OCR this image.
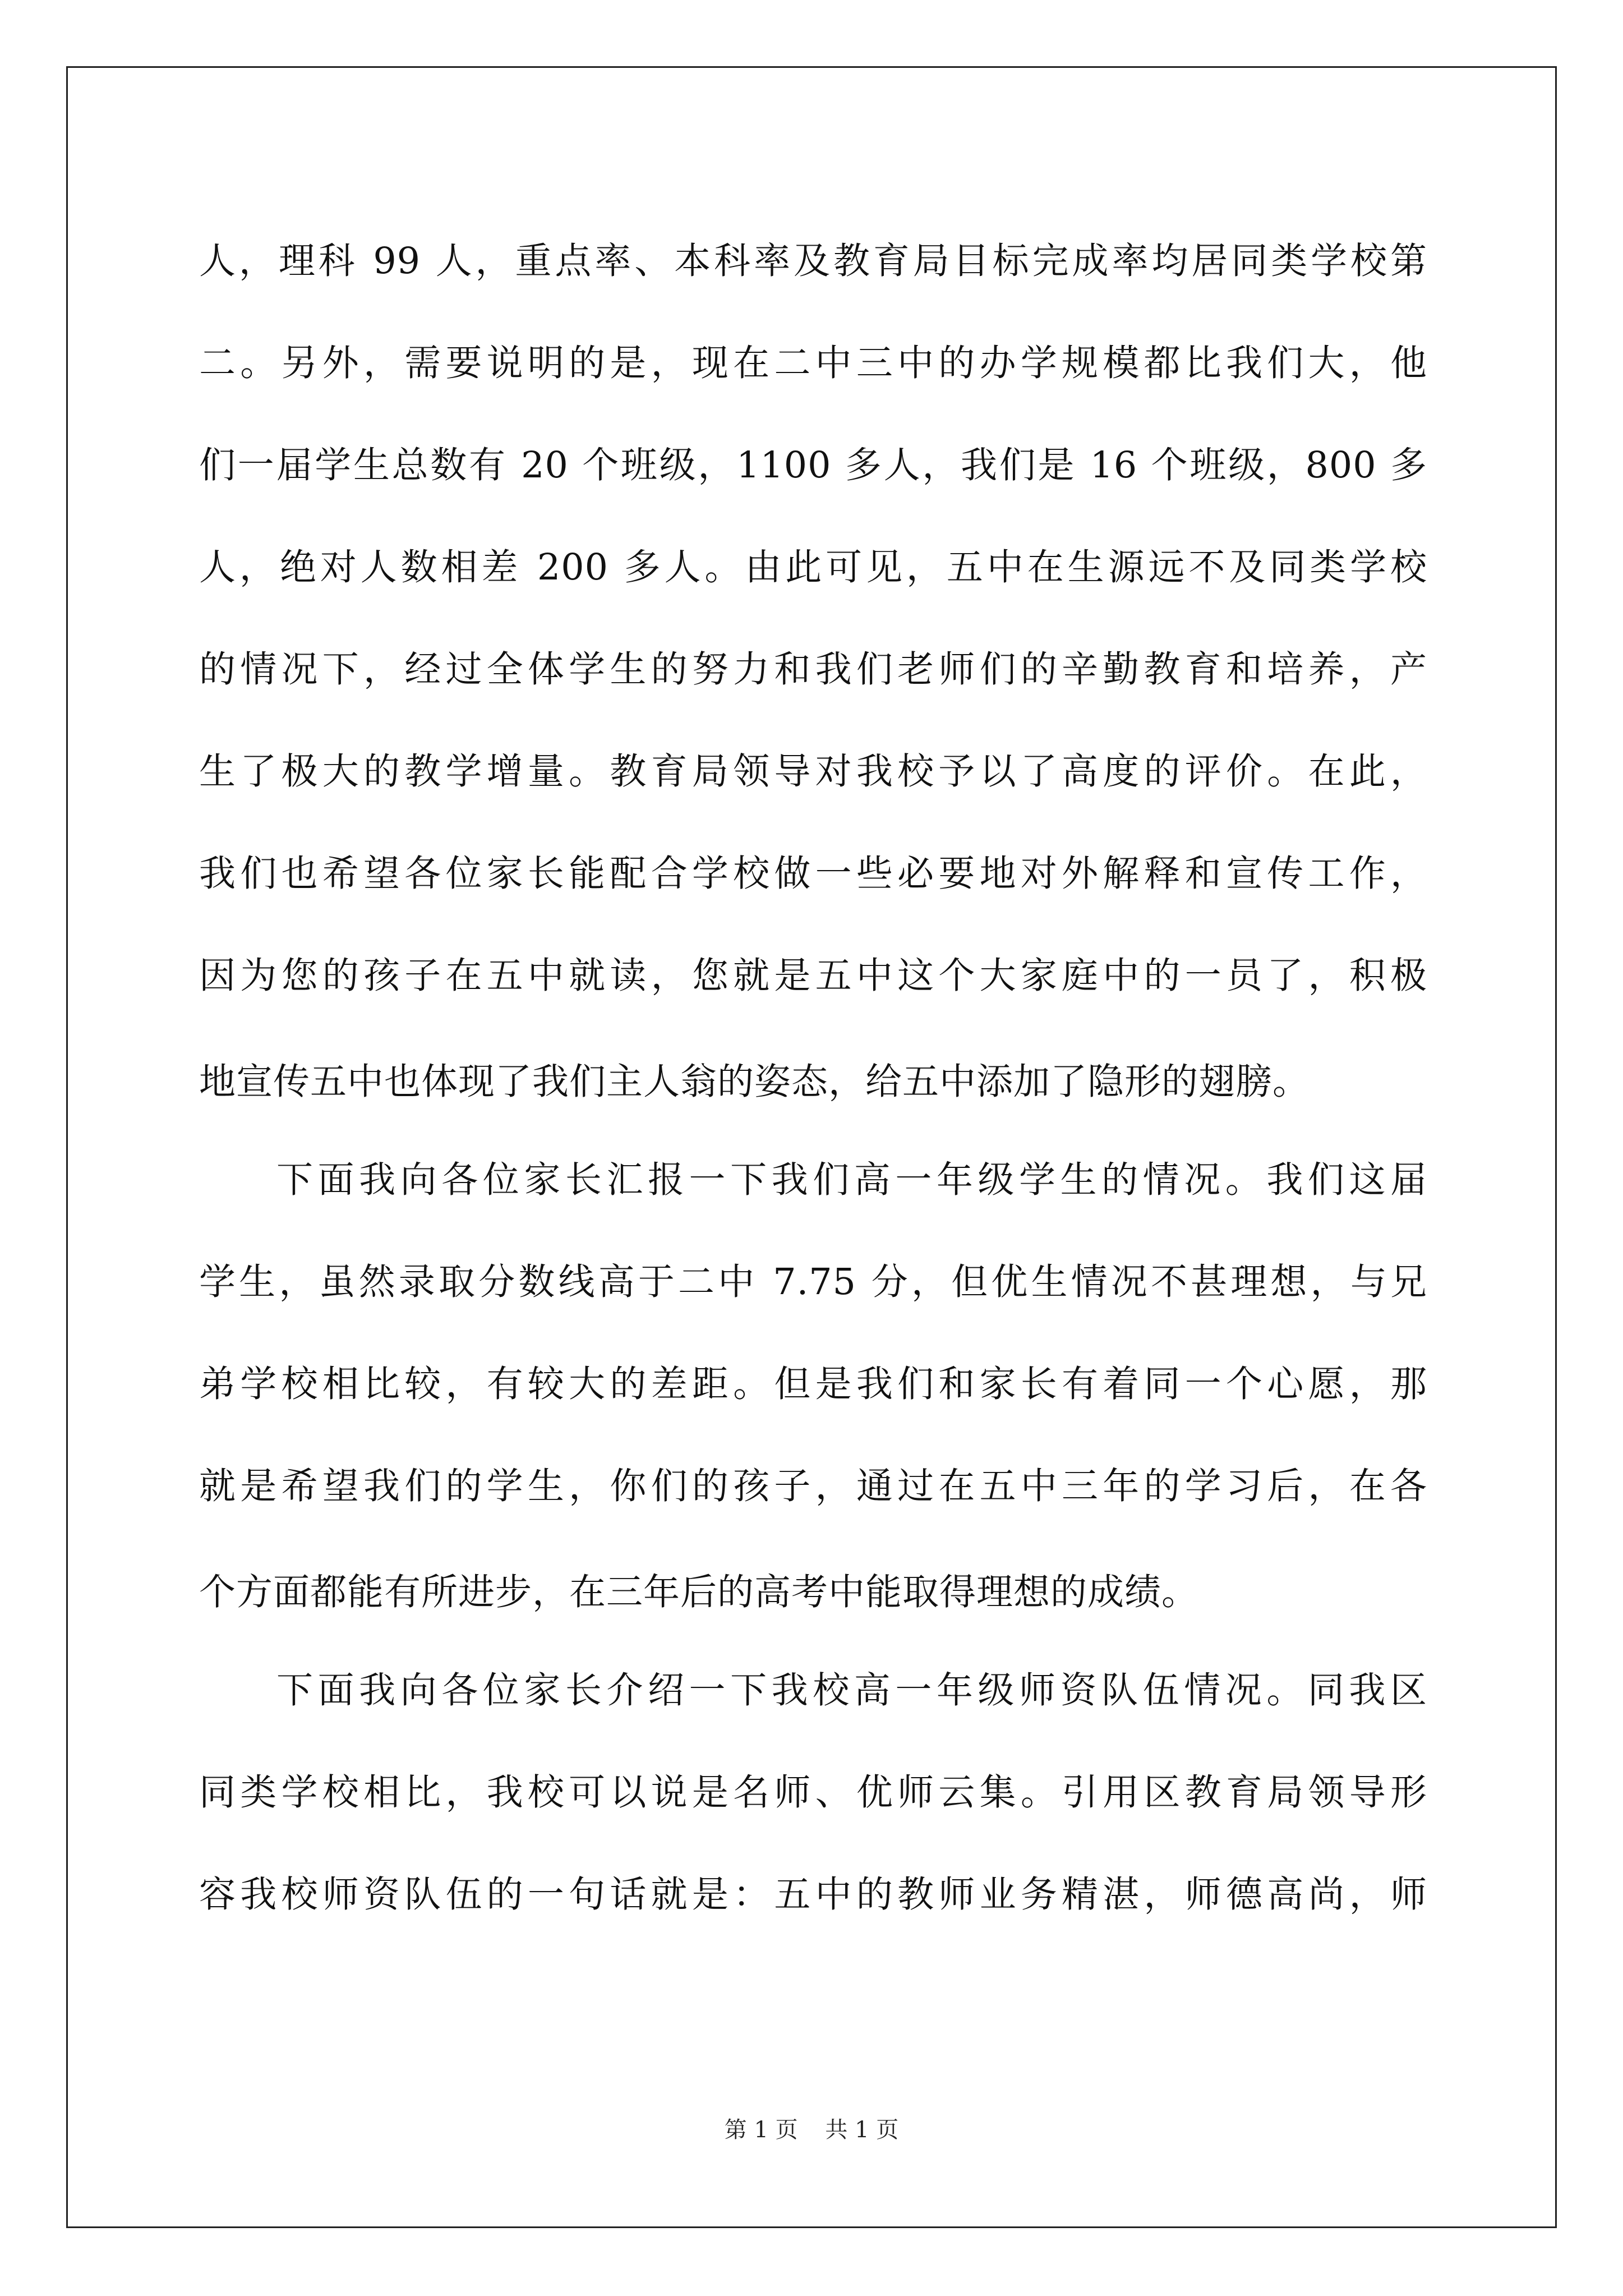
人，理科 99 人，重点率、本科率及教育局目标完成率均居同类学校第
二。另外，需要说明的是，现在二中三中的办学规模都比我们大，他
们一届学生总数有 20 个班级，1100 多人，我们是 16 个班级，800 多
人，绝对人数相差 200 多人。由此可见，五中在生源远不及同类学校
的情况下，经过全体学生的努力和我们老师们的辛勤教育和培养，产
生了极大的教学增量。教育局领导对我校予以了高度的评价。在此，
我们也希望各位家长能配合学校做一些必要地对外解释和宣传工作，
因为您的孩子在五中就读，您就是五中这个大家庭中的一员了，积极
地宣传五中也体现了我们主人翁的姿态，给五中添加了隐形的翅膀。
下面我向各位家长汇报一下我们高一年级学生的情况。我们这届
学生，虽然录取分数线高于二中 7.75 分，但优生情况不甚理想，与兄
弟学校相比较，有较大的差距。但是我们和家长有着同一个心愿，那
就是希望我们的学生，你们的孩子，通过在五中三年的学习后，在各
个方面都能有所进步，在三年后的高考中能取得理想的成绩。
下面我向各位家长介绍一下我校高一年级师资队伍情况。同我区
同类学校相比，我校可以说是名师、优师云集。引用区教育局领导形
容我校师资队伍的一句话就是：五中的教师业务精湛，师德高尚，师
第 1 页 共 1 页
